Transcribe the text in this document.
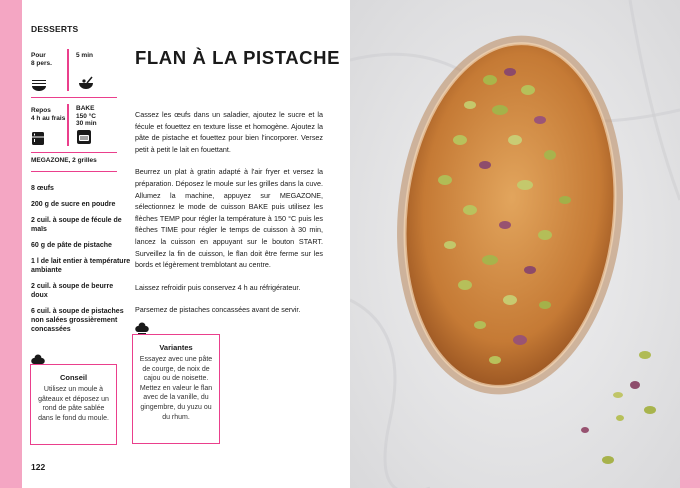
DESSERTS
Pour
8 pers.
5 min
Repos
4 h au frais
BAKE
150 °C
30 min
MEGAZONE, 2 grilles
8 œufs
200 g de sucre en poudre
2 cuil. à soupe de fécule de maïs
60 g de pâte de pistache
1 l de lait entier à température ambiante
2 cuil. à soupe de beurre doux
6 cuil. à soupe de pistaches non salées grossièrement concassées
FLAN À LA PISTACHE

Cassez les œufs dans un saladier, ajoutez le sucre et la fécule et fouettez en texture lisse et homogène. Ajoutez la pâte de pistache et fouettez pour bien l'incorporer. Versez petit à petit le lait en fouettant.

Beurrez un plat à gratin adapté à l'air fryer et versez la préparation. Déposez le moule sur les grilles dans la cuve. Allumez la machine, appuyez sur MEGAZONE, sélectionnez le mode de cuisson BAKE puis utilisez les flèches TEMP pour régler la température à 150 °C puis les flèches TIME pour régler le temps de cuisson à 30 min, lancez la cuisson en appuyant sur le bouton START. Surveillez la fin de cuisson, le flan doit être ferme sur les bords et légèrement tremblotant au centre.

Laissez refroidir puis conservez 4 h au réfrigérateur.

Parsemez de pistaches concassées avant de servir.

Variantes

Essayez avec une pâte de courge, de noix de cajou ou de noisette. Mettez en valeur le flan avec de la vanille, du gingembre, du yuzu ou du rhum.

Conseil

Utilisez un moule à gâteaux et déposez un rond de pâte sablée dans le fond du moule.

122
